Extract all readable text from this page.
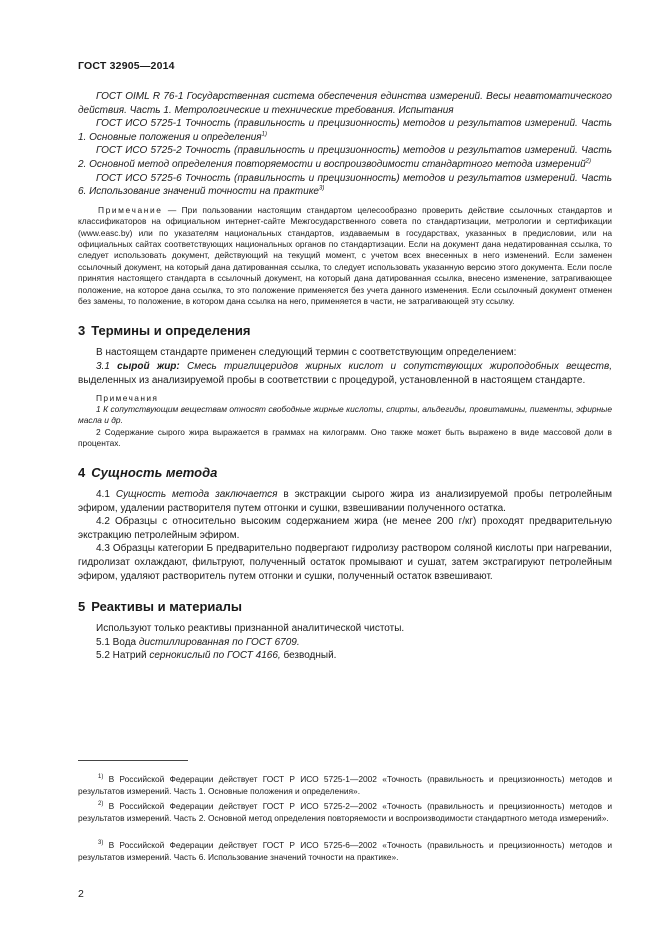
ГОСТ 32905—2014

ГОСТ OIML R 76-1 Государственная система обеспечения единства измерений. Весы неавтоматического действия. Часть 1. Метрологические и технические требования. Испытания

ГОСТ ИСО 5725-1 Точность (правильность и прецизионность) методов и результатов измерений. Часть 1. Основные положения и определения$^{1)}$

ГОСТ ИСО 5725-2 Точность (правильность и прецизионность) методов и результатов измерений. Часть 2. Основной метод определения повторяемости и воспроизводимости стандартного метода измерений$^{2)}$

ГОСТ ИСО 5725-6 Точность (правильность и прецизионность) методов и результатов измерений. Часть 6. Использование значений точности на практике$^{3)}$

Примечание — При пользовании настоящим стандартом целесообразно проверить действие ссылочных стандартов и классификаторов на официальном интернет-сайте Межгосударственного совета по стандартизации, метрологии и сертификации (www.easc.by) или по указателям национальных стандартов, издаваемым в государствах, указанных в предисловии, или на официальных сайтах соответствующих национальных органов по стандартизации. Если на документ дана недатированная ссылка, то следует использовать документ, действующий на текущий момент, с учетом всех внесенных в него изменений. Если заменен ссылочный документ, на который дана датированная ссылка, то следует использовать указанную версию этого документа. Если после принятия настоящего стандарта в ссылочный документ, на который дана датированная ссылка, внесено изменение, затрагивающее положение, на которое дана ссылка, то это положение применяется без учета данного изменения. Если ссылочный документ отменен без замены, то положение, в котором дана ссылка на него, применяется в части, не затрагивающей эту ссылку.

3 Термины и определения

В настоящем стандарте применен следующий термин с соответствующим определением:

3.1 сырой жир: Смесь триглицеридов жирных кислот и сопутствующих жироподобных веществ, выделенных из анализируемой пробы в соответствии с процедурой, установленной в настоящем стандарте.

Примечания

1 К сопутствующим веществам относят свободные жирные кислоты, спирты, альдегиды, провитамины, пигменты, эфирные масла и др.

2 Содержание сырого жира выражается в граммах на килограмм. Оно также может быть выражено в виде массовой доли в процентах.

4 Сущность метода

4.1 Сущность метода заключается в экстракции сырого жира из анализируемой пробы петролейным эфиром, удалении растворителя путем отгонки и сушки, взвешивании полученного остатка.

4.2 Образцы с относительно высоким содержанием жира (не менее 200 г/кг) проходят предварительную экстракцию петролейным эфиром.

4.3 Образцы категории Б предварительно подвергают гидролизу раствором соляной кислоты при нагревании, гидролизат охлаждают, фильтруют, полученный остаток промывают и сушат, затем экстрагируют петролейным эфиром, удаляют растворитель путем отгонки и сушки, полученный остаток взвешивают.

5 Реактивы и материалы

Используют только реактивы признанной аналитической чистоты.

5.1 Вода дистиллированная по ГОСТ 6709.

5.2 Натрий сернокислый по ГОСТ 4166, безводный.

$^{1)}$ В Российской Федерации действует ГОСТ Р ИСО 5725-1—2002 «Точность (правильность и прецизионность) методов и результатов измерений. Часть 1. Основные положения и определения».

$^{2)}$ В Российской Федерации действует ГОСТ Р ИСО 5725-2—2002 «Точность (правильность и прецизионность) методов и результатов измерений. Часть 2. Основной метод определения повторяемости и воспроизводимости стандартного метода измерений».

$^{3)}$ В Российской Федерации действует ГОСТ Р ИСО 5725-6—2002 «Точность (правильность и прецизионность) методов и результатов измерений. Часть 6. Использование значений точности на практике».

2
